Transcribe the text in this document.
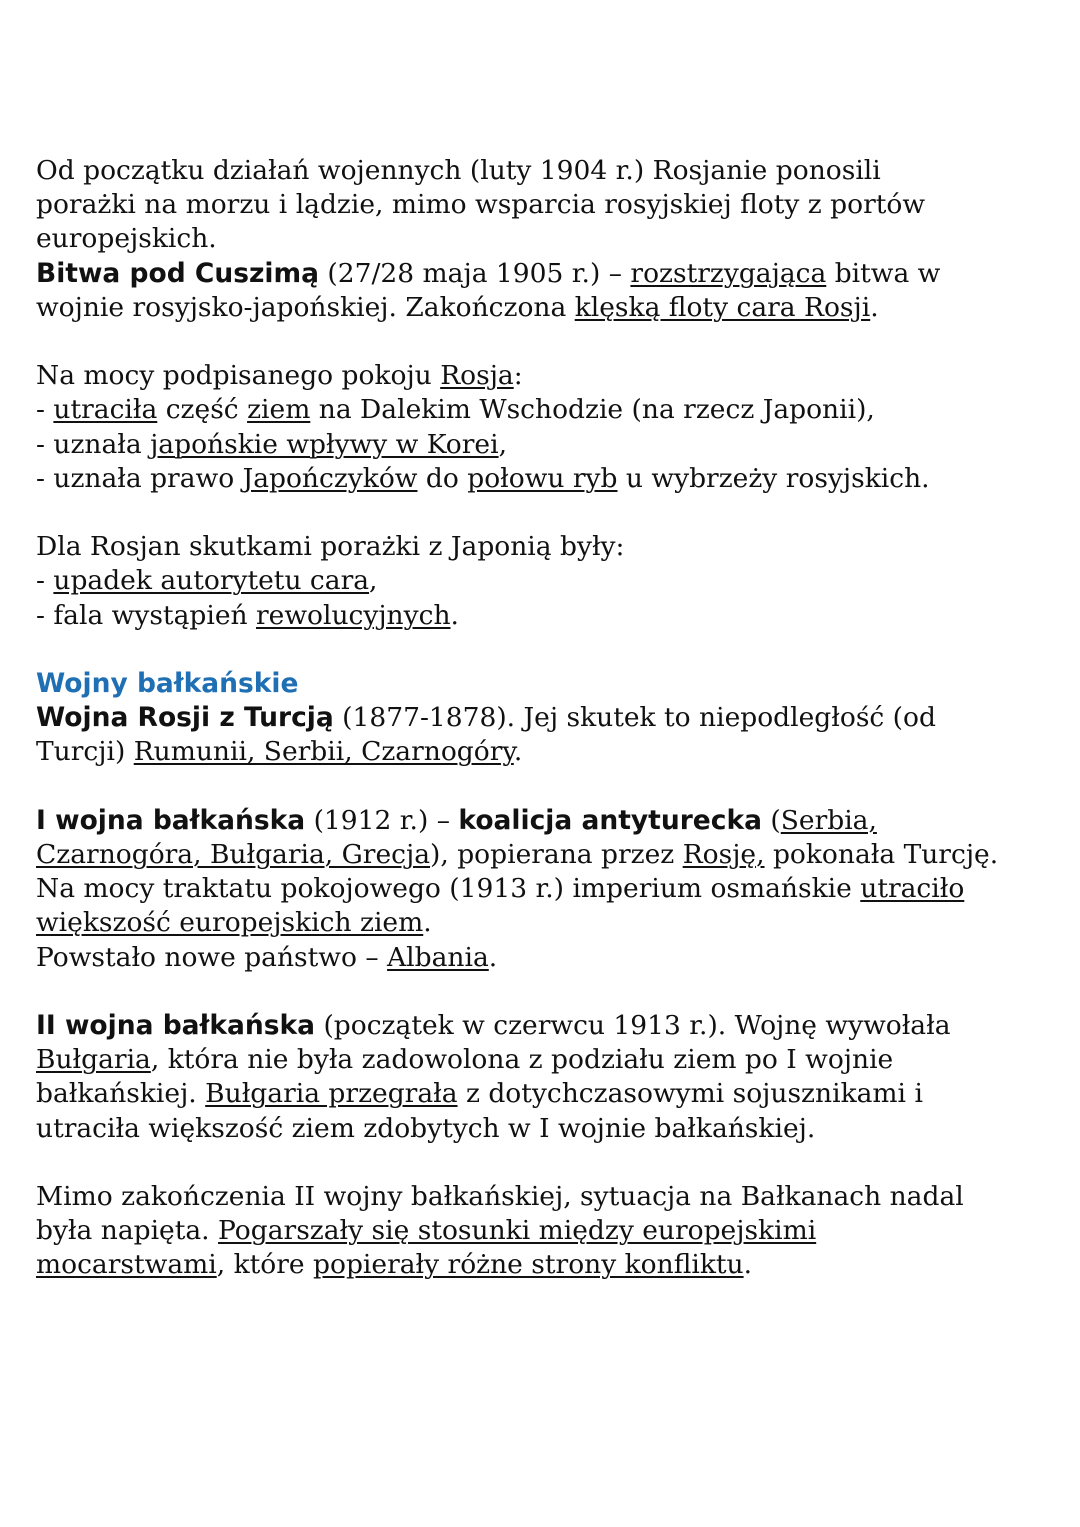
Od początku działań wojennych (luty 1904 r.) Rosjanie ponosili

porażki na morzu i lądzie, mimo wsparcia rosyjskiej floty z portów

europejskich.

Bitwa pod Cuszimą (27/28 maja 1905 r.) – rozstrzygająca bitwa w

wojnie rosyjsko-japońskiej. Zakończona klęską floty cara Rosji.

Na mocy podpisanego pokoju Rosja:

- utraciła część ziem na Dalekim Wschodzie (na rzecz Japonii),

- uznała japońskie wpływy w Korei,

- uznała prawo Japończyków do połowu ryb u wybrzeży rosyjskich.

Dla Rosjan skutkami porażki z Japonią były:

- upadek autorytetu cara,

- fala wystąpień rewolucyjnych.

Wojny bałkańskie

Wojna Rosji z Turcją (1877-1878). Jej skutek to niepodległość (od

Turcji) Rumunii, Serbii, Czarnogóry.

I wojna bałkańska (1912 r.) – koalicja antyturecka (Serbia,

Czarnogóra, Bułgaria, Grecja), popierana przez Rosję, pokonała Turcję.

Na mocy traktatu pokojowego (1913 r.) imperium osmańskie utraciło

większość europejskich ziem.

Powstało nowe państwo – Albania.

II wojna bałkańska (początek w czerwcu 1913 r.). Wojnę wywołała

Bułgaria, która nie była zadowolona z podziału ziem po I wojnie

bałkańskiej. Bułgaria przegrała z dotychczasowymi sojusznikami i

utraciła większość ziem zdobytych w I wojnie bałkańskiej.

Mimo zakończenia II wojny bałkańskiej, sytuacja na Bałkanach nadal

była napięta. Pogarszały się stosunki między europejskimi

mocarstwami, które popierały różne strony konfliktu.
